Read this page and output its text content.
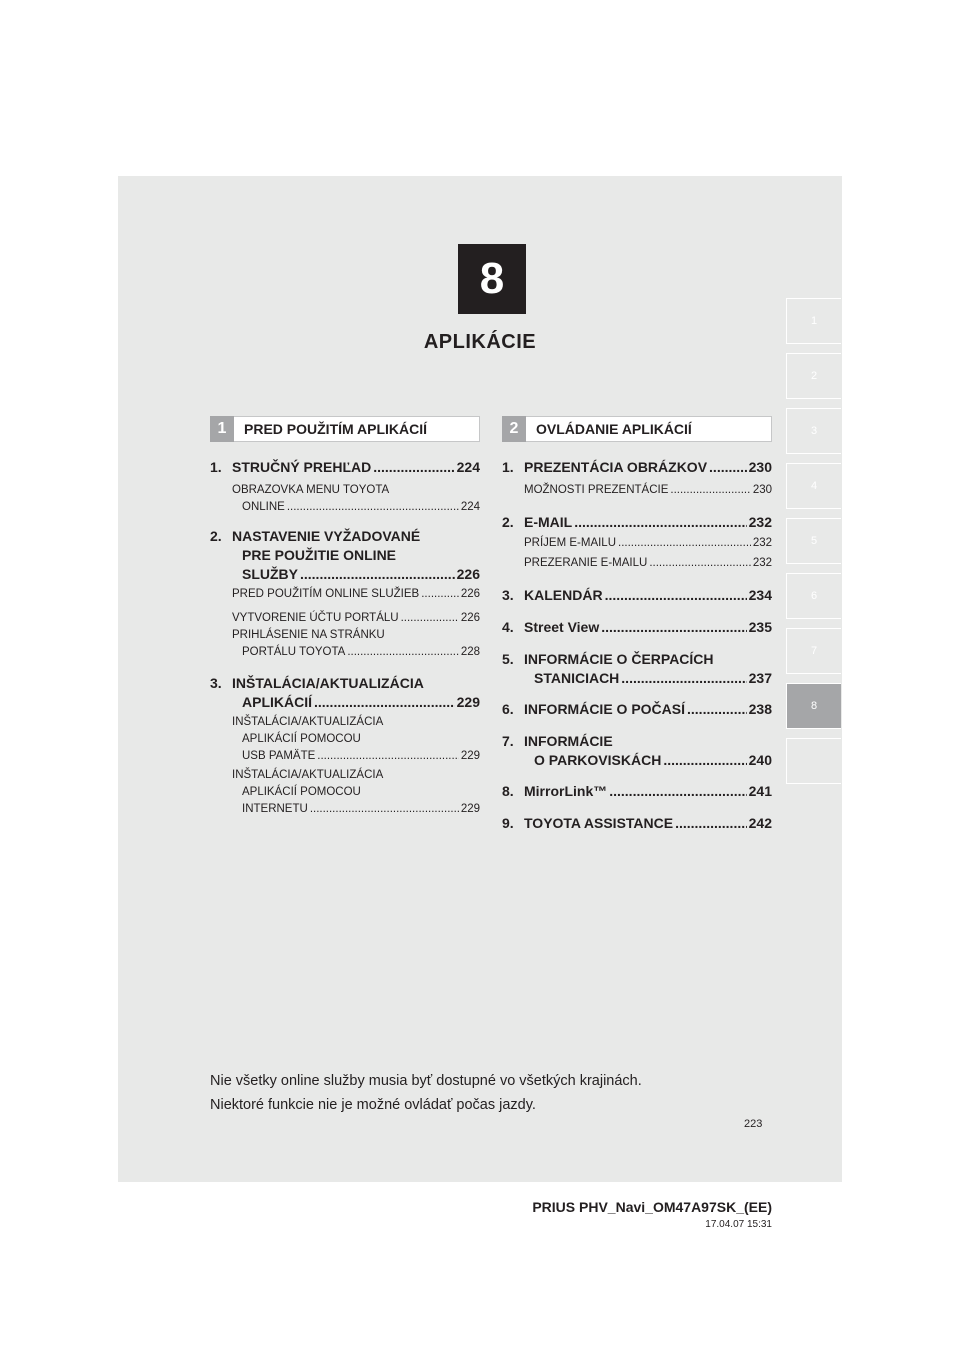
8
APLIKÁCIE
1
2
3
4
5
6
7
8
1	PRED POUŽITÍM APLIKÁCIÍ	2	OVLÁDANIE APLIKÁCIÍ
1. STRUČNÝ PREHĽAD .....	224
OBRAZOVKA MENU TOYOTA
ONLINE .....	224
2. NASTAVENIE VYŽADOVANÉ
PRE POUŽITIE ONLINE
SLUŽBY .....	226
PRED POUŽITÍM ONLINE SLUŽIEB .....	226
VYTVORENIE ÚČTU PORTÁLU .....	226
PRIHLÁSENIE NA STRÁNKU
PORTÁLU TOYOTA .....	228
3. INŠTALÁCIA/AKTUALIZÁCIA
APLIKÁCIÍ .....	229
INŠTALÁCIA/AKTUALIZÁCIA
APLIKÁCIÍ POMOCOU
USB PAMÄTE .....	229
INŠTALÁCIA/AKTUALIZÁCIA
APLIKÁCIÍ POMOCOU
INTERNETU .....	229
1. PREZENTÁCIA OBRÁZKOV .....	230
MOŽNOSTI PREZENTÁCIE .....	230
2. E-MAIL .....	232
PRÍJEM E-MAILU .....	232
PREZERANIE E-MAILU .....	232
3. KALENDÁR .....	234
4. Street View .....	235
5. INFORMÁCIE O ČERPACÍCH
STANICIACH .....	237
6. INFORMÁCIE O POČASÍ .....	238
7. INFORMÁCIE
O PARKOVISKÁCH .....	240
8. MirrorLink™ .....	241
9. TOYOTA ASSISTANCE .....	242
Nie všetky online služby musia byť dostupné vo všetkých krajinách.
Niektoré funkcie nie je možné ovládať počas jazdy.
223
PRIUS PHV_Navi_OM47A97SK_(EE)
17.04.07 15:31
